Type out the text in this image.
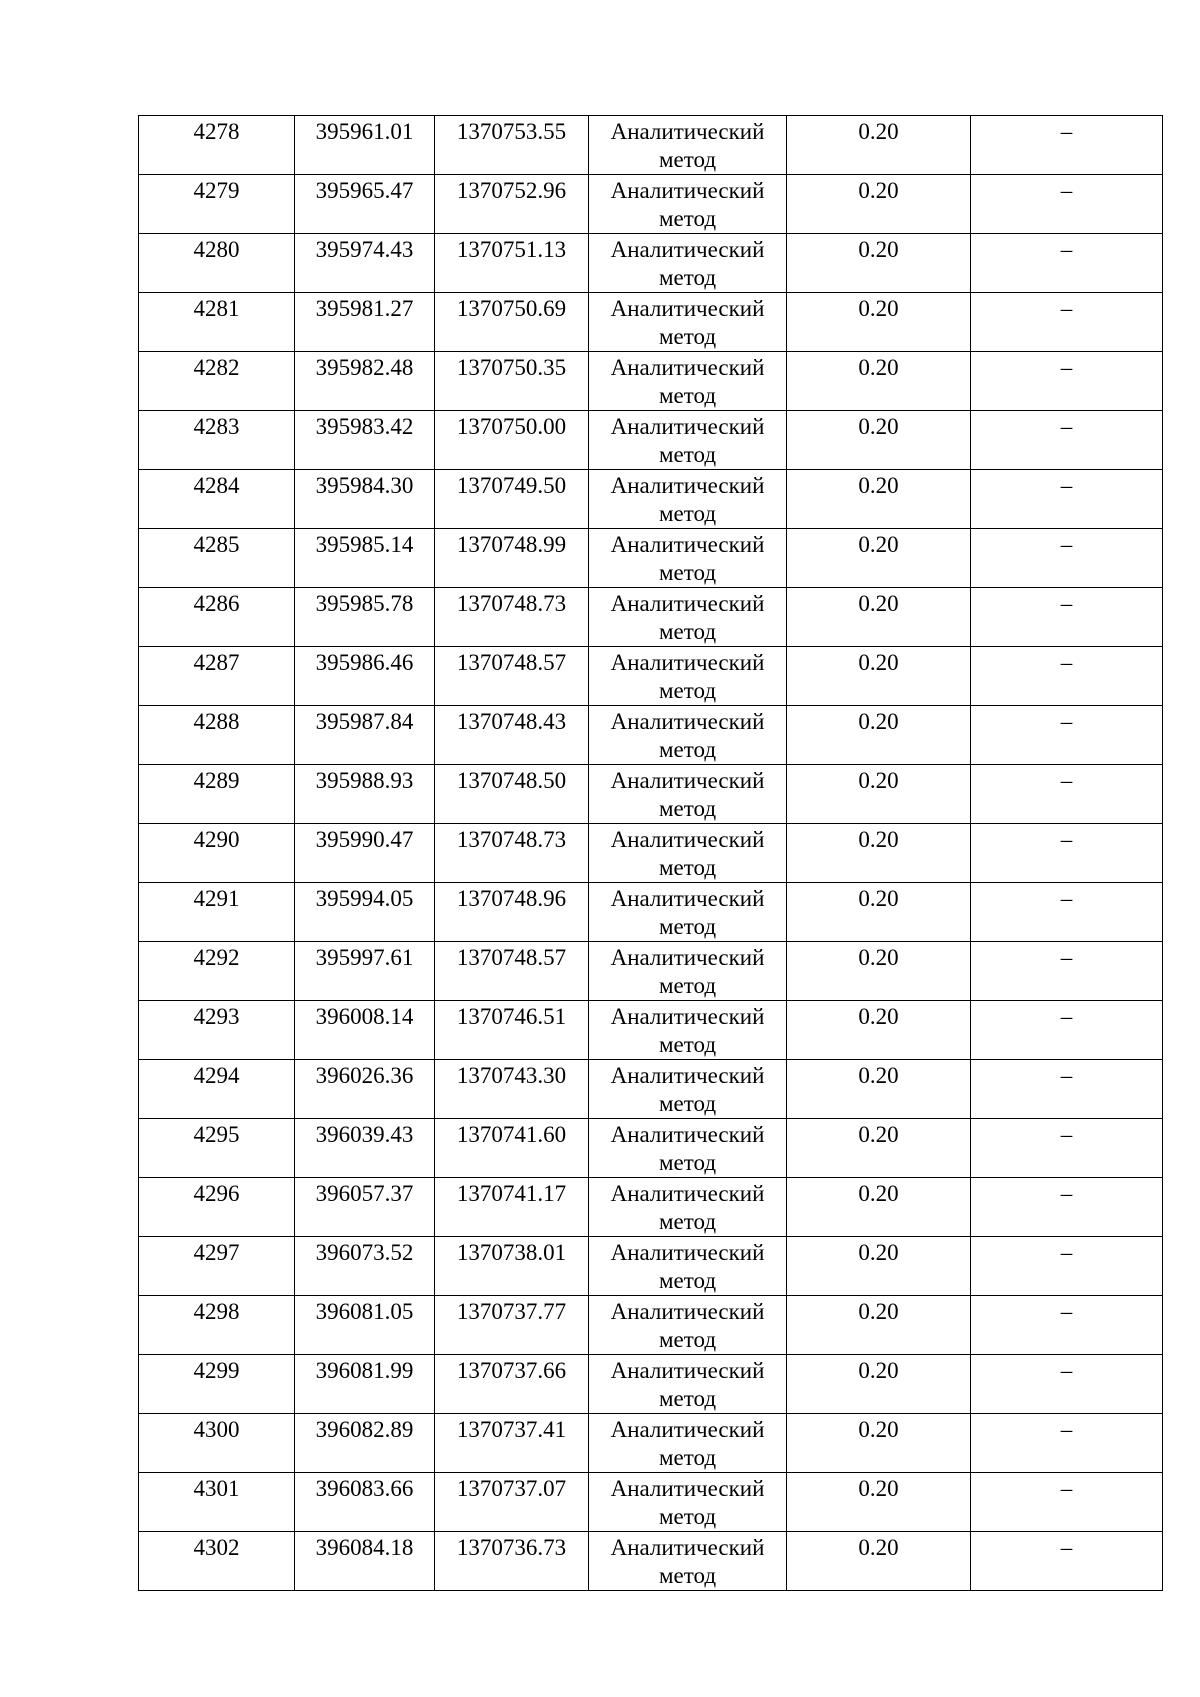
4278	395961.01	1370753.55	Аналитический
метод	0.20	–

4279	395965.47	1370752.96	Аналитический
метод	0.20	–

4280	395974.43	1370751.13	Аналитический
метод	0.20	–

4281	395981.27	1370750.69	Аналитический
метод	0.20	–

4282	395982.48	1370750.35	Аналитический
метод	0.20	–

4283	395983.42	1370750.00	Аналитический
метод	0.20	–

4284	395984.30	1370749.50	Аналитический
метод	0.20	–

4285	395985.14	1370748.99	Аналитический
метод	0.20	–

4286	395985.78	1370748.73	Аналитический
метод	0.20	–

4287	395986.46	1370748.57	Аналитический
метод	0.20	–

4288	395987.84	1370748.43	Аналитический
метод	0.20	–

4289	395988.93	1370748.50	Аналитический
метод	0.20	–

4290	395990.47	1370748.73	Аналитический
метод	0.20	–

4291	395994.05	1370748.96	Аналитический
метод	0.20	–

4292	395997.61	1370748.57	Аналитический
метод	0.20	–

4293	396008.14	1370746.51	Аналитический
метод	0.20	–

4294	396026.36	1370743.30	Аналитический
метод	0.20	–

4295	396039.43	1370741.60	Аналитический
метод	0.20	–

4296	396057.37	1370741.17	Аналитический
метод	0.20	–

4297	396073.52	1370738.01	Аналитический
метод	0.20	–

4298	396081.05	1370737.77	Аналитический
метод	0.20	–

4299	396081.99	1370737.66	Аналитический
метод	0.20	–

4300	396082.89	1370737.41	Аналитический
метод	0.20	–

4301	396083.66	1370737.07	Аналитический
метод	0.20	–

4302	396084.18	1370736.73	Аналитический
метод	0.20	–
